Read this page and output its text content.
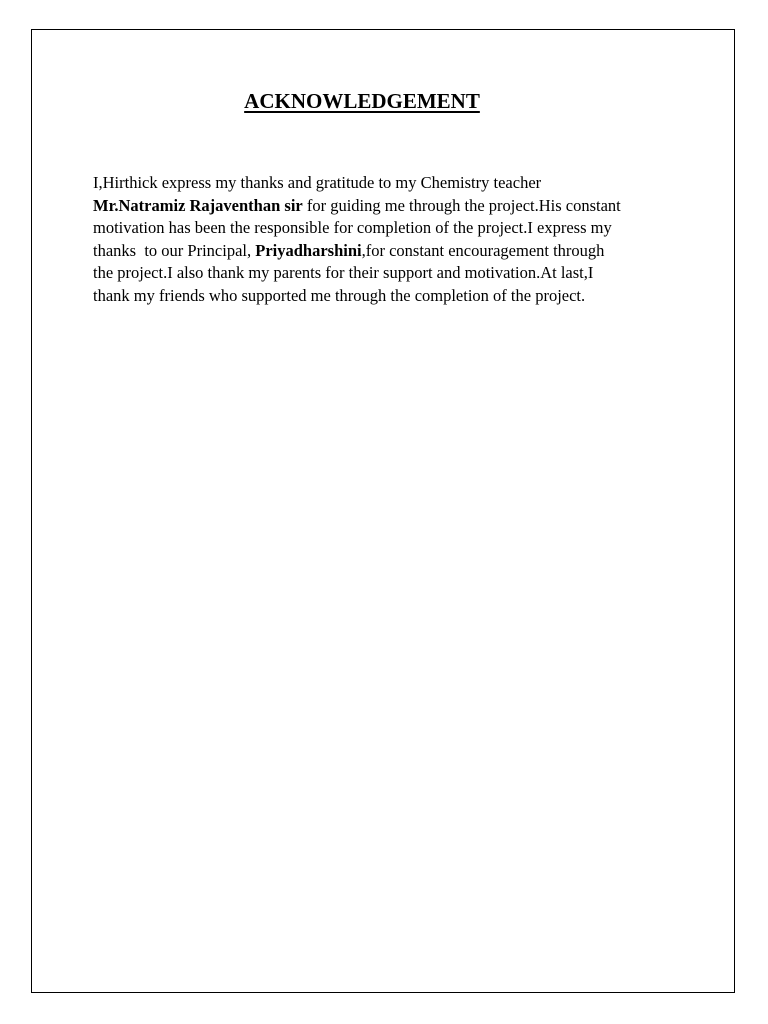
ACKNOWLEDGEMENT
I,Hirthick express my thanks and gratitude to my Chemistry teacher
Mr.Natramiz Rajaventhan sir for guiding me through the project.His constant
motivation has been the responsible for completion of the project.I express my
thanks  to our Principal, Priyadharshini,for constant encouragement through
the project.I also thank my parents for their support and motivation.At last,I
thank my friends who supported me through the completion of the project.
